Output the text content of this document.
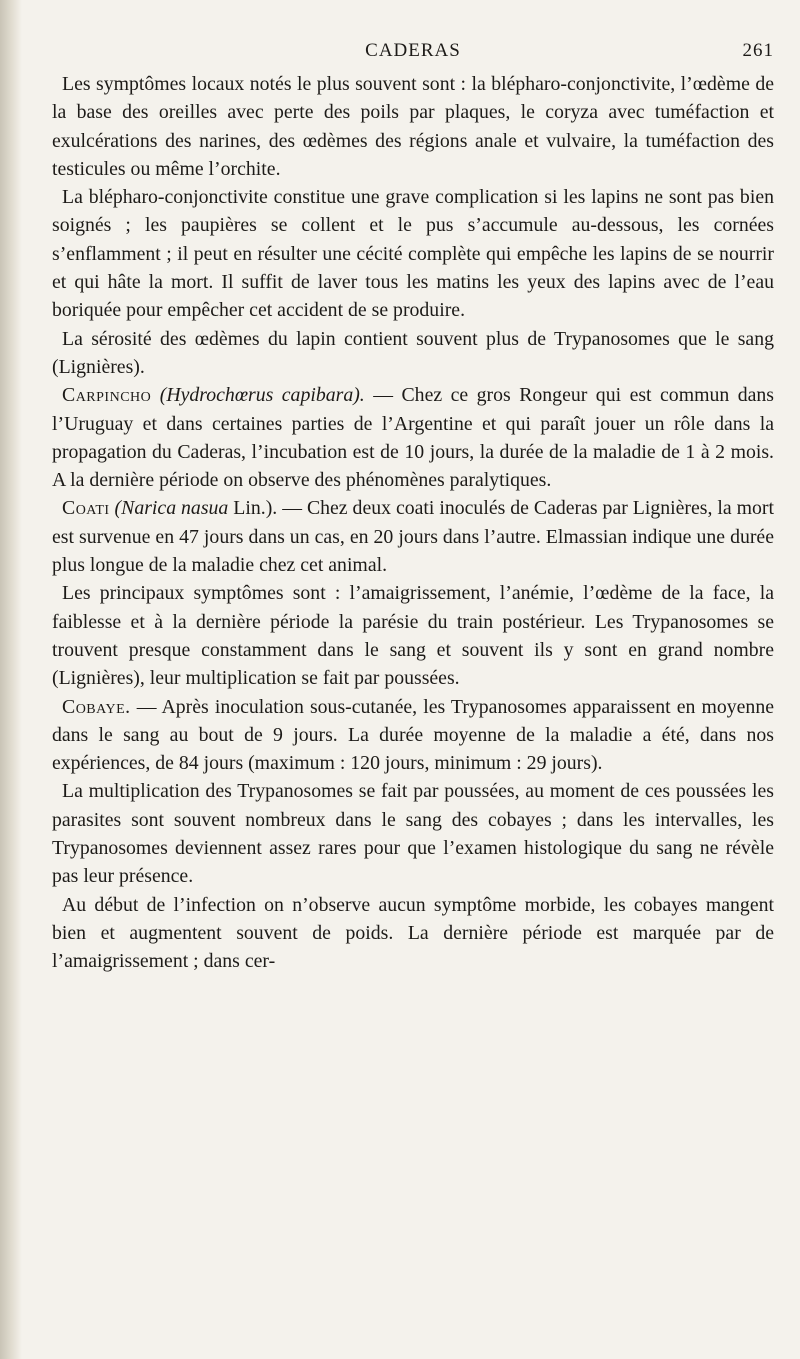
CADERAS	261

Les symptômes locaux notés le plus souvent sont : la blépharo-conjonctivite, l’œdème de la base des oreilles avec perte des poils par plaques, le coryza avec tuméfaction et exulcérations des narines, des œdèmes des régions anale et vulvaire, la tuméfaction des testicules ou même l’orchite.

La blépharo-conjonctivite constitue une grave complication si les lapins ne sont pas bien soignés ; les paupières se collent et le pus s’accumule au-dessous, les cornées s’enflamment ; il peut en résulter une cécité complète qui empêche les lapins de se nourrir et qui hâte la mort. Il suffit de laver tous les matins les yeux des lapins avec de l’eau boriquée pour empêcher cet accident de se produire.

La sérosité des œdèmes du lapin contient souvent plus de Trypanosomes que le sang (Lignières).

Carpincho (Hydrochœrus capibara). — Chez ce gros Rongeur qui est commun dans l’Uruguay et dans certaines parties de l’Argentine et qui paraît jouer un rôle dans la propagation du Caderas, l’incubation est de 10 jours, la durée de la maladie de 1 à 2 mois. A la dernière période on observe des phénomènes paralytiques.

Coati (Narica nasua Lin.). — Chez deux coati inoculés de Caderas par Lignières, la mort est survenue en 47 jours dans un cas, en 20 jours dans l’autre. Elmassian indique une durée plus longue de la maladie chez cet animal.

Les principaux symptômes sont : l’amaigrissement, l’anémie, l’œdème de la face, la faiblesse et à la dernière période la parésie du train postérieur. Les Trypanosomes se trouvent presque constamment dans le sang et souvent ils y sont en grand nombre (Lignières), leur multiplication se fait par poussées.

Cobaye. — Après inoculation sous-cutanée, les Trypanosomes apparaissent en moyenne dans le sang au bout de 9 jours. La durée moyenne de la maladie a été, dans nos expériences, de 84 jours (maximum : 120 jours, minimum : 29 jours).

La multiplication des Trypanosomes se fait par poussées, au moment de ces poussées les parasites sont souvent nombreux dans le sang des cobayes ; dans les intervalles, les Trypanosomes deviennent assez rares pour que l’examen histologique du sang ne révèle pas leur présence.

Au début de l’infection on n’observe aucun symptôme morbide, les cobayes mangent bien et augmentent souvent de poids. La dernière période est marquée par de l’amaigrissement ; dans cer-
